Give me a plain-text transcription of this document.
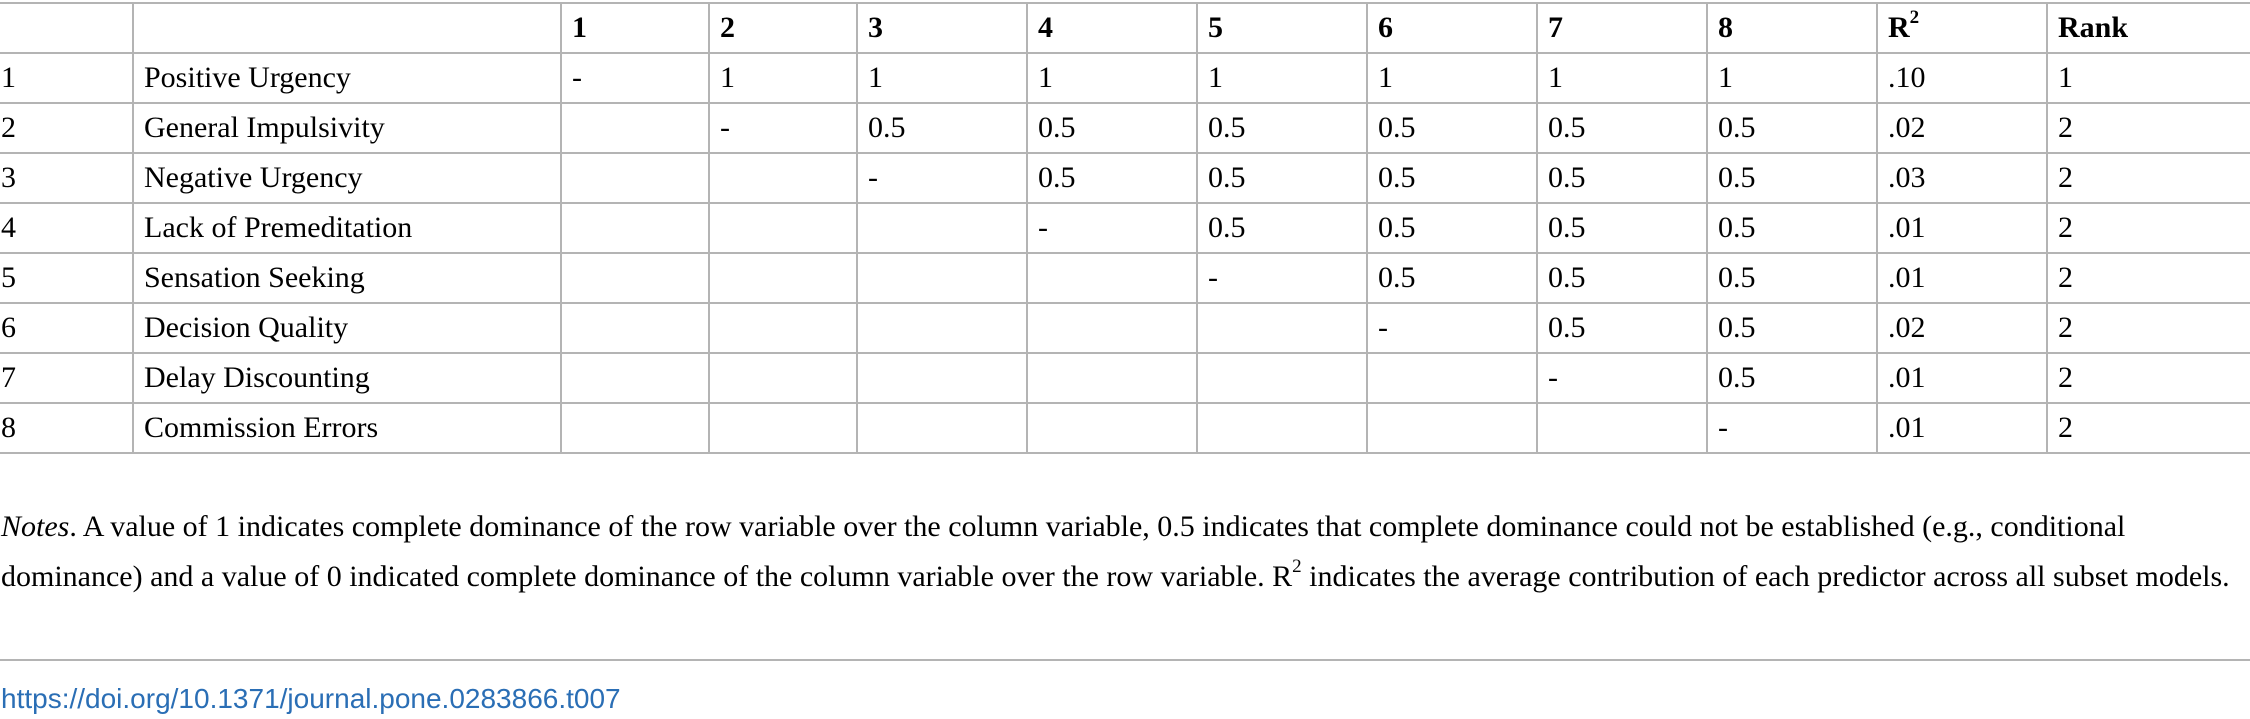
		1	2	3	4	5	6	7	8	$R^2$	Rank
1	Positive Urgency	-	1	1	1	1	1	1	1	.10	1
2	General Impulsivity		-	0.5	0.5	0.5	0.5	0.5	0.5	.02	2
3	Negative Urgency			-	0.5	0.5	0.5	0.5	0.5	.03	2
4	Lack of Premeditation				-	0.5	0.5	0.5	0.5	.01	2
5	Sensation Seeking					-	0.5	0.5	0.5	.01	2
6	Decision Quality						-	0.5	0.5	.02	2
7	Delay Discounting							-	0.5	.01	2
8	Commission Errors								-	.01	2
Notes. A value of 1 indicates complete dominance of the row variable over the column variable, 0.5 indicates that complete dominance could not be established (e.g., conditional dominance) and a value of 0 indicated complete dominance of the column variable over the row variable. $R^2$ indicates the average contribution of each predictor across all subset models.
https://doi.org/10.1371/journal.pone.0283866.t007
